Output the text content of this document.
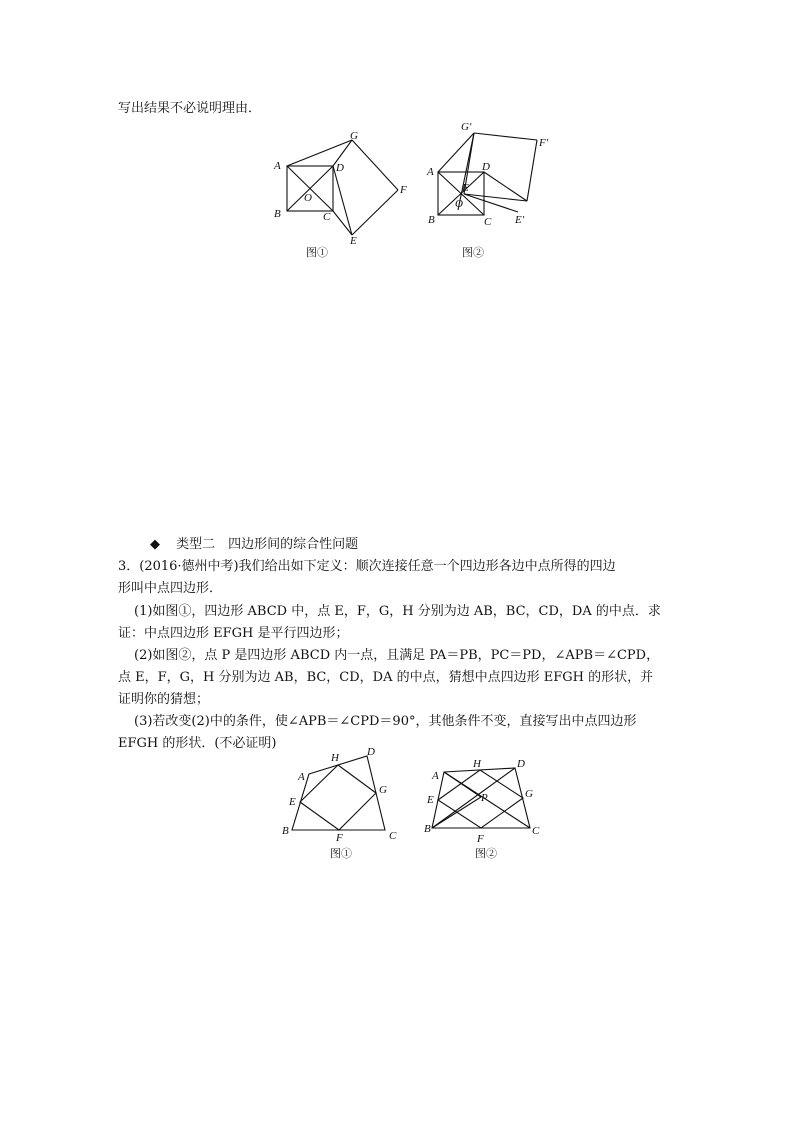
写出结果不必说明理由．
A
B	C
D
O
G
F
E
图①
G′
F′
A	D
E
B
O
C E′
图②
A
H	D
E
G
B
F	C
图①
A
H	D
E	P	G
B
F
C
图②
◆ 类型二　四边形间的综合性问题
3．(2016·德州中考)我们给出如下定义：顺次连接任意一个四边形各边中点所得的四边
形叫中点四边形．
(1)如图①，四边形 ABCD 中，点 E，F，G，H 分别为边 AB，BC，CD，DA 的中点．求
证：中点四边形 EFGH 是平行四边形；
(2)如图②，点 P 是四边形 ABCD 内一点，且满足 PA＝PB，PC＝PD，∠APB＝∠CPD，
点 E，F，G，H 分别为边 AB，BC，CD，DA 的中点，猜想中点四边形 EFGH 的形状，并
证明你的猜想；
(3)若改变(2)中的条件，使∠APB＝∠CPD＝90°，其他条件不变，直接写出中点四边形
EFGH 的形状．(不必证明)
